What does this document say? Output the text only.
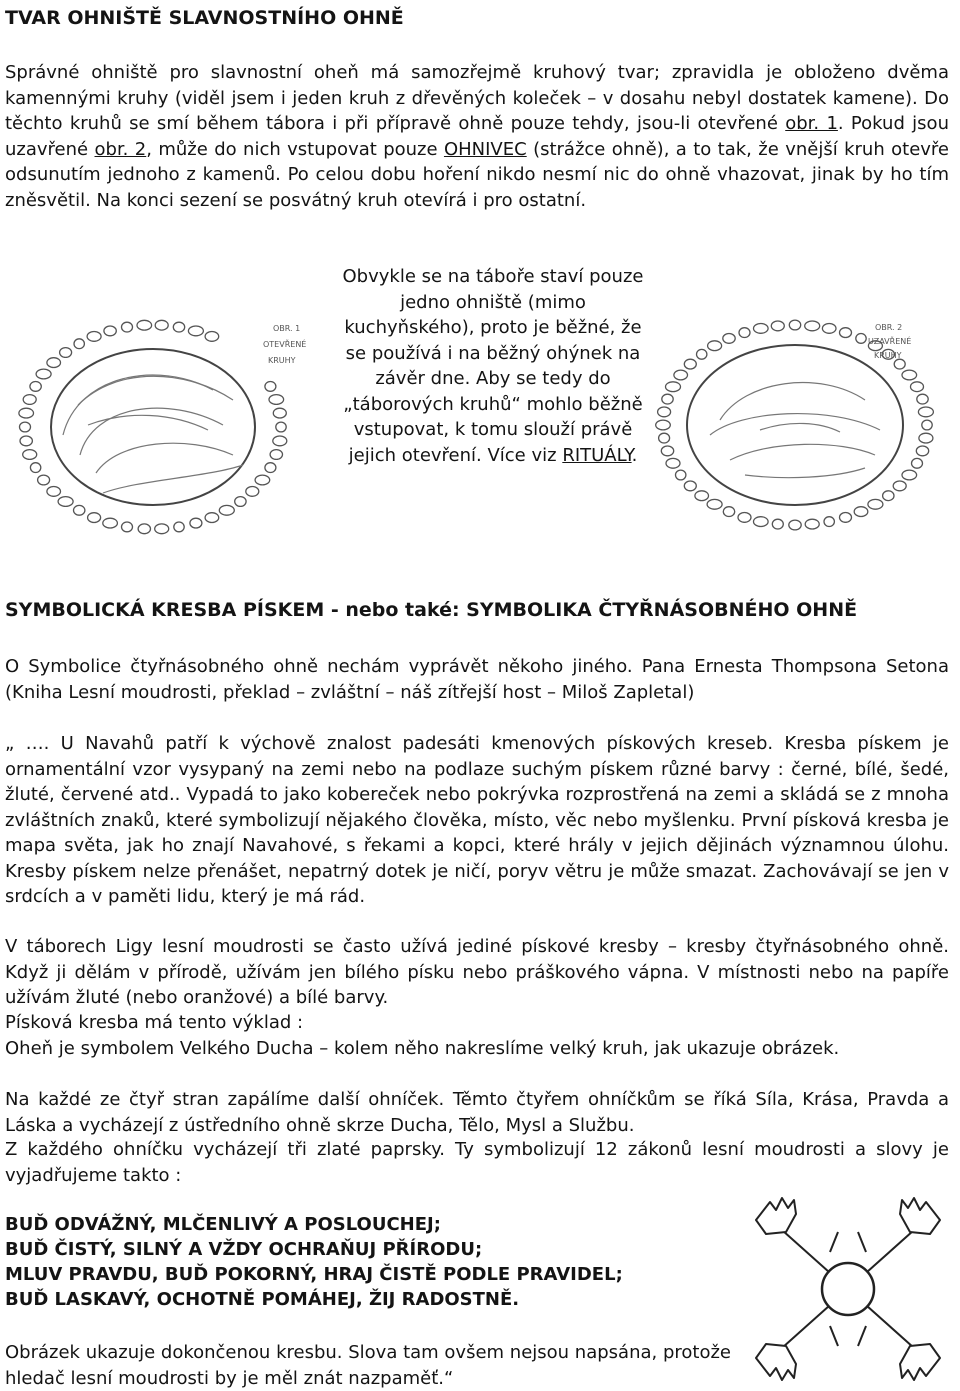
TVAR OHNIŠTĚ SLAVNOSTNÍHO OHNĚ
Správné ohniště pro slavnostní oheň má samozřejmě kruhový tvar; zpravidla je obloženo dvěma kamennými kruhy (viděl jsem i jeden kruh z dřevěných koleček – v dosahu nebyl dostatek kamene). Do těchto kruhů se smí během tábora i při přípravě ohně pouze tehdy, jsou-li otevřené obr. 1. Pokud jsou uzavřené obr. 2, může do nich vstupovat pouze OHNIVEC (strážce ohně), a to tak, že vnější kruh otevře odsunutím jednoho z kamenů. Po celou dobu hoření nikdo nesmí nic do ohně vhazovat, jinak by ho tím zněsvětil. Na konci sezení se posvátný kruh otevírá i pro ostatní.
OBR. 1
OTEVŘENÉ
KRUHY
Obvykle se na táboře staví pouze jedno ohniště (mimo kuchyňského), proto je běžné, že se používá i na běžný ohýnek na závěr dne. Aby se tedy do „táborových kruhů“ mohlo běžně vstupovat, k tomu slouží právě jejich otevření. Více viz RITUÁLY.
OBR. 2
UZAVŘENÉ
KRUHY
SYMBOLICKÁ KRESBA PÍSKEM - nebo také: SYMBOLIKA ČTYŘNÁSOBNÉHO OHNĚ
O Symbolice čtyřnásobného ohně nechám vyprávět někoho jiného. Pana Ernesta Thompsona Setona (Kniha Lesní moudrosti, překlad – zvláštní – náš zítřejší host – Miloš Zapletal)
„ …. U Navahů patří k výchově znalost padesáti kmenových pískových kreseb. Kresba pískem je ornamentální vzor vysypaný na zemi nebo na podlaze suchým pískem různé barvy : černé, bílé, šedé, žluté, červené atd.. Vypadá to jako kobereček nebo pokrývka rozprostřená na zemi a skládá se z mnoha zvláštních znaků, které symbolizují nějakého člověka, místo, věc nebo myšlenku. První písková kresba je mapa světa, jak ho znají Navahové, s řekami a kopci, které hrály v jejich dějinách významnou úlohu. Kresby pískem nelze přenášet, nepatrný dotek je ničí, poryv větru je může smazat. Zachovávají se jen v srdcích a v paměti lidu, který je má rád.
V táborech Ligy lesní moudrosti se často užívá jediné pískové kresby – kresby čtyřnásobného ohně. Když ji dělám v přírodě, užívám jen bílého písku nebo práškového vápna. V místnosti nebo na papíře užívám žluté (nebo oranžové) a bílé barvy.
Písková kresba má tento výklad :
Oheň je symbolem Velkého Ducha – kolem něho nakreslíme velký kruh, jak ukazuje obrázek.
Na každé ze čtyř stran zapálíme další ohníček. Těmto čtyřem ohníčkům se říká Síla, Krása, Pravda a Láska a vycházejí z ústředního ohně skrze Ducha, Tělo, Mysl a Službu.
Z každého ohníčku vycházejí tři zlaté paprsky. Ty symbolizují 12 zákonů lesní moudrosti a slovy je vyjadřujeme takto :
BUĎ ODVÁŽNÝ, MLČENLIVÝ A POSLOUCHEJ;
BUĎ ČISTÝ, SILNÝ A VŽDY OCHRAŇUJ PŘÍRODU;
MLUV PRAVDU, BUĎ POKORNÝ, HRAJ ČISTĚ PODLE PRAVIDEL;
BUĎ LASKAVÝ, OCHOTNĚ POMÁHEJ, ŽIJ RADOSTNĚ.
Obrázek ukazuje dokončenou kresbu. Slova tam ovšem nejsou napsána, protože hledač lesní moudrosti by je měl znát nazpaměť.“
